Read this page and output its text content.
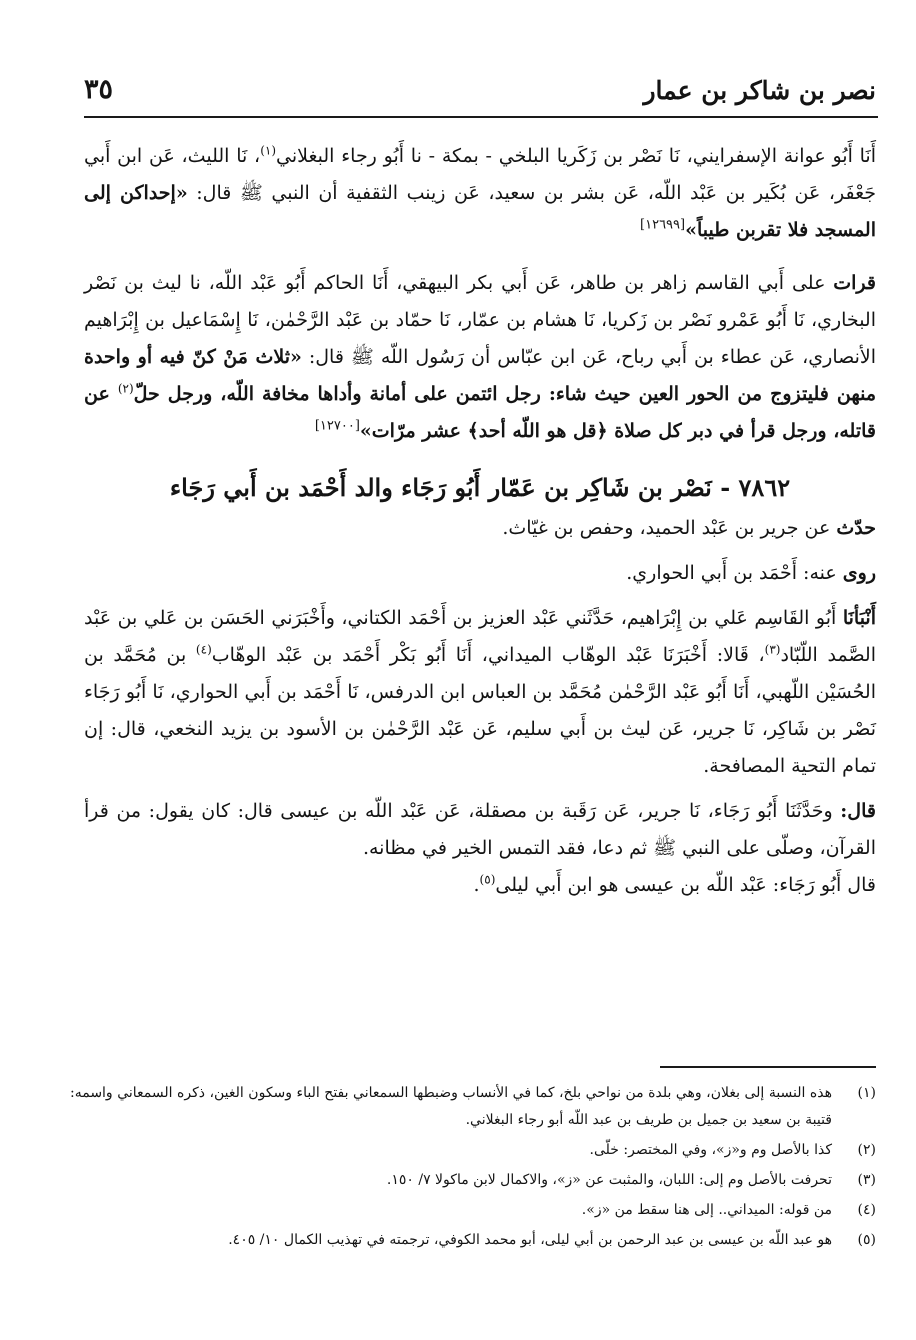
نصر بن شاكر بن عمار
٣٥

أَنَا أَبُو عوانة الإسفرايني، نَا نَصْر بن زَكَريا البلخي - بمكة - نا أَبُو رجاء البغلاني$^{(١)}$، نَا الليث، عَن ابن أَبي جَعْفَر، عَن بُكَير بن عَبْد اللّه، عَن بشر بن سعيد، عَن زينب الثقفية أن النبي ﷺ قال: «إحداكن إلى المسجد فلا تقربن طيباً»[١٢٦٩٩]

قرات على أَبي القاسم زاهر بن طاهر، عَن أَبي بكر البيهقي، أَنَا الحاكم أَبُو عَبْد اللّه، نا ليث بن نَصْر البخاري، نَا أَبُو عَمْرو نَصْر بن زَكريا، نَا هشام بن عمّار، نَا حمّاد بن عَبْد الرَّحْمٰن، نَا إِسْمَاعيل بن إِبْرَاهيم الأنصاري، عَن عطاء بن أَبي رباح، عَن ابن عبّاس أن رَسُول اللّه ﷺ قال: «ثلاث مَنْ كنّ فيه أو واحدة منهن فليتزوج من الحور العين حيث شاء: رجل ائتمن على أمانة وأداها مخافة اللّه، ورجل حلّ$^{(٢)}$ عن قاتله، ورجل قرأ في دبر كل صلاة ﴿قل هو اللّه أحد﴾ عشر مرّات»[١٢٧٠٠]

٧٨٦٢ - نَصْر بن شَاكِر بن عَمّار أَبُو رَجَاء والد أَحْمَد بن أَبي رَجَاء

حدّث عن جرير بن عَبْد الحميد، وحفص بن غيّاث.

روى عنه: أَحْمَد بن أَبي الحواري.

أَنْبَأنَا أَبُو القَاسِم عَلي بن إِبْرَاهيم، حَدَّثَني عَبْد العزيز بن أَحْمَد الكتاني، وأَخْبَرَني الحَسَن بن عَلي بن عَبْد الصَّمد اللّبّاد$^{(٣)}$، قَالا: أَخْبَرَنَا عَبْد الوهّاب الميداني، أَنَا أَبُو بَكْر أَحْمَد بن عَبْد الوهّاب$^{(٤)}$ بن مُحَمَّد بن الحُسَيْن اللّهبي، أَنَا أَبُو عَبْد الرَّحْمٰن مُحَمَّد بن العباس ابن الدرفس، نَا أَحْمَد بن أَبي الحواري، نَا أَبُو رَجَاء نَصْر بن شَاكِر، نَا جرير، عَن ليث بن أَبي سليم، عَن عَبْد الرَّحْمٰن بن الأسود بن يزيد النخعي، قال: إن تمام التحية المصافحة.

قال: وحَدَّثَنَا أَبُو رَجَاء، نَا جرير، عَن رَقَبة بن مصقلة، عَن عَبْد اللّه بن عيسى قال: كان يقول: من قرأ القرآن، وصلّى على النبي ﷺ ثم دعا، فقد التمس الخير في مظانه.

قال أَبُو رَجَاء: عَبْد اللّه بن عيسى هو ابن أَبي ليلى$^{(٥)}$.

(١)
هذه النسبة إلى بغلان، وهي بلدة من نواحي بلخ، كما في الأنساب وضبطها السمعاني بفتح الباء وسكون الغين، ذكره السمعاني واسمه: قتيبة بن سعيد بن جميل بن طريف بن عبد اللّه أبو رجاء البغلاني.
(٢)
كذا بالأصل وم و«ز»، وفي المختصر: خلّى.
(٣)
تحرفت بالأصل وم إلى: اللبان، والمثبت عن «ز»، والاكمال لابن ماكولا ٧/ ١٥٠.
(٤)
من قوله: الميداني.. إلى هنا سقط من «ز».
(٥)
هو عبد اللّه بن عيسى بن عبد الرحمن بن أبي ليلى، أبو محمد الكوفي، ترجمته في تهذيب الكمال ١٠/ ٤٠٥.
